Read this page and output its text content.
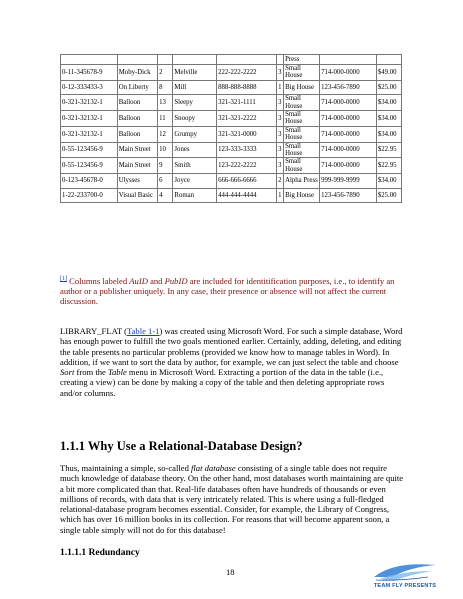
						Press		
0-11-345678-9	Moby-Dick	2	Melville	222-222-2222	3	Small House	714-000-0000	$49.00
0-12-333433-3	On Liberty	8	Mill	888-888-8888	1	Big House	123-456-7890	$25.00
0-321-32132-1	Balloon	13	Sleepy	321-321-1111	3	Small House	714-000-0000	$34.00
0-321-32132-1	Balloon	11	Snoopy	321-321-2222	3	Small House	714-000-0000	$34.00
0-321-32132-1	Balloon	12	Grumpy	321-321-0000	3	Small House	714-000-0000	$34.00
0-55-123456-9	Main Street	10	Jones	123-333-3333	3	Small House	714-000-0000	$22.95
0-55-123456-9	Main Street	9	Smith	123-222-2222	3	Small House	714-000-0000	$22.95
0-123-45678-0	Ulysses	6	Joyce	666-666-6666	2	Alpha Press	999-999-9999	$34.00
1-22-233700-0	Visual Basic	4	Roman	444-444-4444	1	Big House	123-456-7890	$25.00
[1] Columns labeled AuID and PubID are included for identitification purposes, i.e., to identify an author or a publisher uniquely. In any case, their presence or absence will not affect the current discussion.

LIBRARY_FLAT (Table 1-1) was created using Microsoft Word. For such a simple database, Word has enough power to fulfill the two goals mentioned earlier. Certainly, adding, deleting, and editing the table presents no particular problems (provided we know how to manage tables in Word). In addition, if we want to sort the data by author, for example, we can just select the table and choose Sort from the Table menu in Microsoft Word. Extracting a portion of the data in the table (i.e., creating a view) can be done by making a copy of the table and then deleting appropriate rows and/or columns.

1.1.1 Why Use a Relational-Database Design?

Thus, maintaining a simple, so-called flat database consisting of a single table does not require much knowledge of database theory. On the other hand, most databases worth maintaining are quite a bit more complicated than that. Real-life databases often have hundreds of thousands or even millions of records, with data that is very intricately related. This is where using a full-fledged relational-database program becomes essential. Consider, for example, the Library of Congress, which has over 16 million books in its collection. For reasons that will become apparent soon, a single table simply will not do for this database!

1.1.1.1 Redundancy
18
TEAM FLY PRESENTS
